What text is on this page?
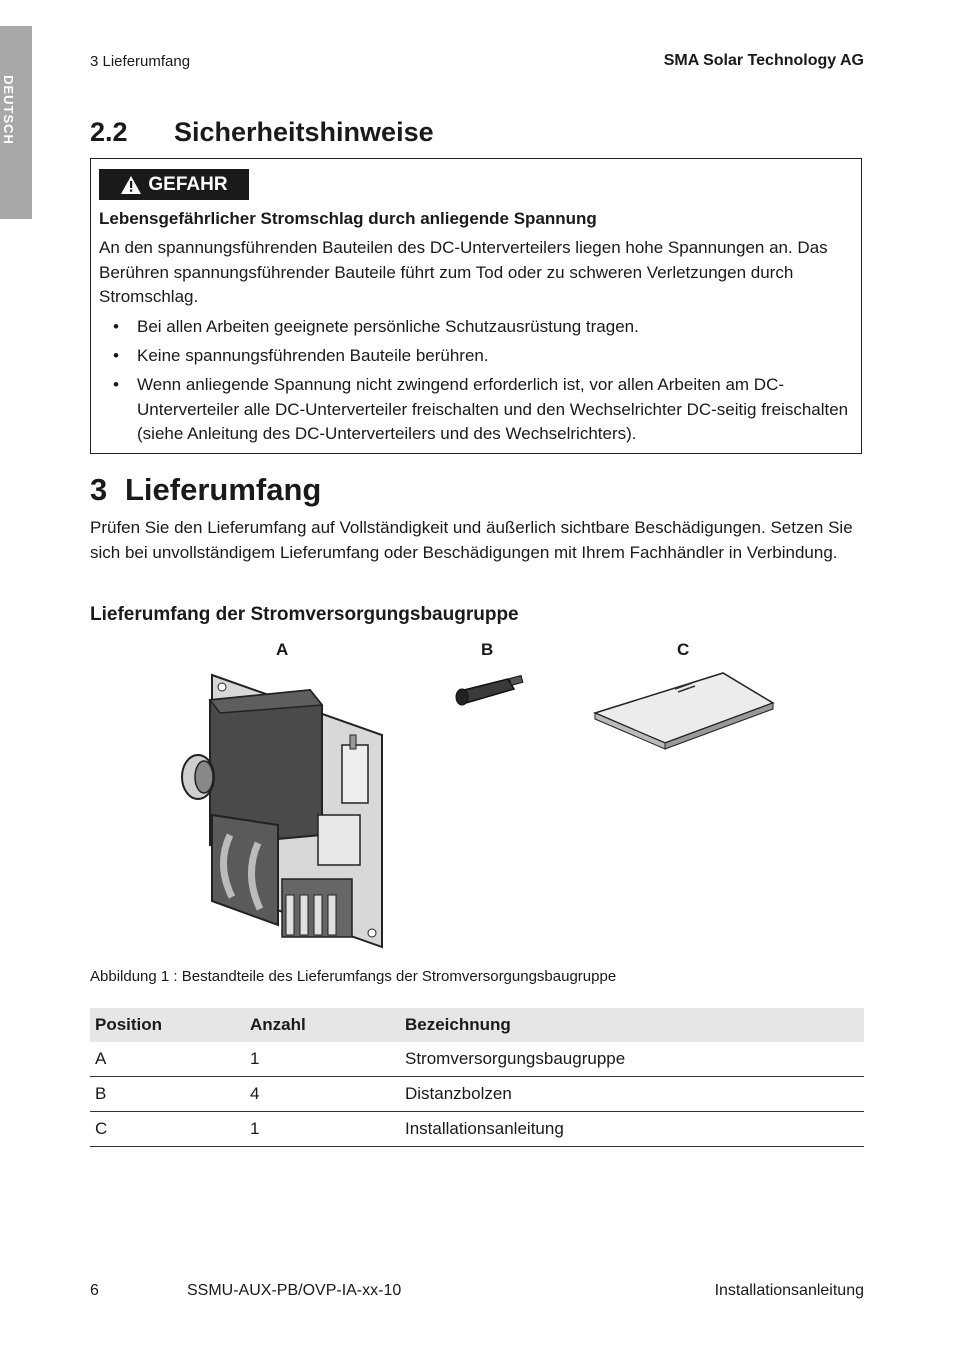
DEUTSCH
3 Lieferumfang	SMA Solar Technology AG
2.2 Sicherheitshinweise
GEFAHR
Lebensgefährlicher Stromschlag durch anliegende Spannung
An den spannungsführenden Bauteilen des DC-Unterverteilers liegen hohe Spannungen an. Das Berühren spannungsführender Bauteile führt zum Tod oder zu schweren Verletzungen durch Stromschlag.
• Bei allen Arbeiten geeignete persönliche Schutzausrüstung tragen.
• Keine spannungsführenden Bauteile berühren.
• Wenn anliegende Spannung nicht zwingend erforderlich ist, vor allen Arbeiten am DC-Unterverteiler alle DC-Unterverteiler freischalten und den Wechselrichter DC-seitig freischalten (siehe Anleitung des DC-Unterverteilers und des Wechselrichters).
3 Lieferumfang

Prüfen Sie den Lieferumfang auf Vollständigkeit und äußerlich sichtbare Beschädigungen. Setzen Sie sich bei unvollständigem Lieferumfang oder Beschädigungen mit Ihrem Fachhändler in Verbindung.

Lieferumfang der Stromversorgungsbaugruppe
A	B	C
Abbildung 1 : Bestandteile des Lieferumfangs der Stromversorgungsbaugruppe
Position	Anzahl	Bezeichnung
A	1	Stromversorgungsbaugruppe
B	4	Distanzbolzen
C	1	Installationsanleitung
6	SSMU-AUX-PB/OVP-IA-xx-10	Installationsanleitung
